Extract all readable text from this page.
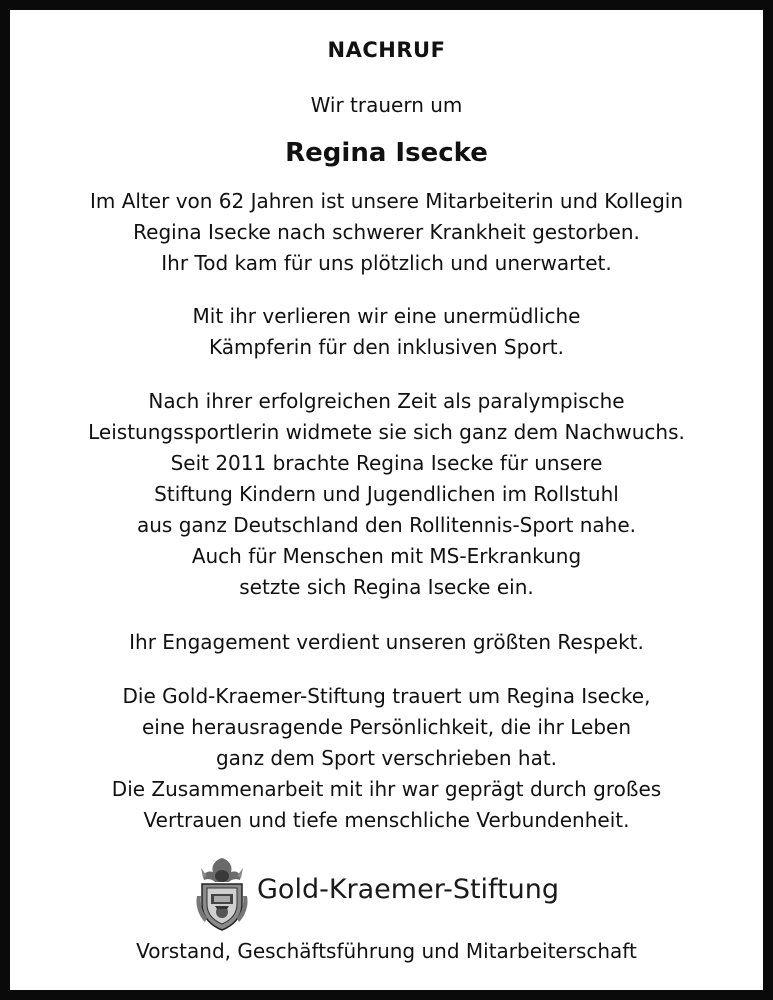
NACHRUF
Wir trauern um
Regina Isecke
Im Alter von 62 Jahren ist unsere Mitarbeiterin und Kollegin
Regina Isecke nach schwerer Krankheit gestorben.
Ihr Tod kam für uns plötzlich und unerwartet.
Mit ihr verlieren wir eine unermüdliche
Kämpferin für den inklusiven Sport.
Nach ihrer erfolgreichen Zeit als paralympische
Leistungssportlerin widmete sie sich ganz dem Nachwuchs.
Seit 2011 brachte Regina Isecke für unsere
Stiftung Kindern und Jugendlichen im Rollstuhl
aus ganz Deutschland den Rollitennis-Sport nahe.
Auch für Menschen mit MS-Erkrankung
setzte sich Regina Isecke ein.
Ihr Engagement verdient unseren größten Respekt.
Die Gold-Kraemer-Stiftung trauert um Regina Isecke,
eine herausragende Persönlichkeit, die ihr Leben
ganz dem Sport verschrieben hat.
Die Zusammenarbeit mit ihr war geprägt durch großes
Vertrauen und tiefe menschliche Verbundenheit.
Gold-Kraemer-Stiftung
Vorstand, Geschäftsführung und Mitarbeiterschaft
